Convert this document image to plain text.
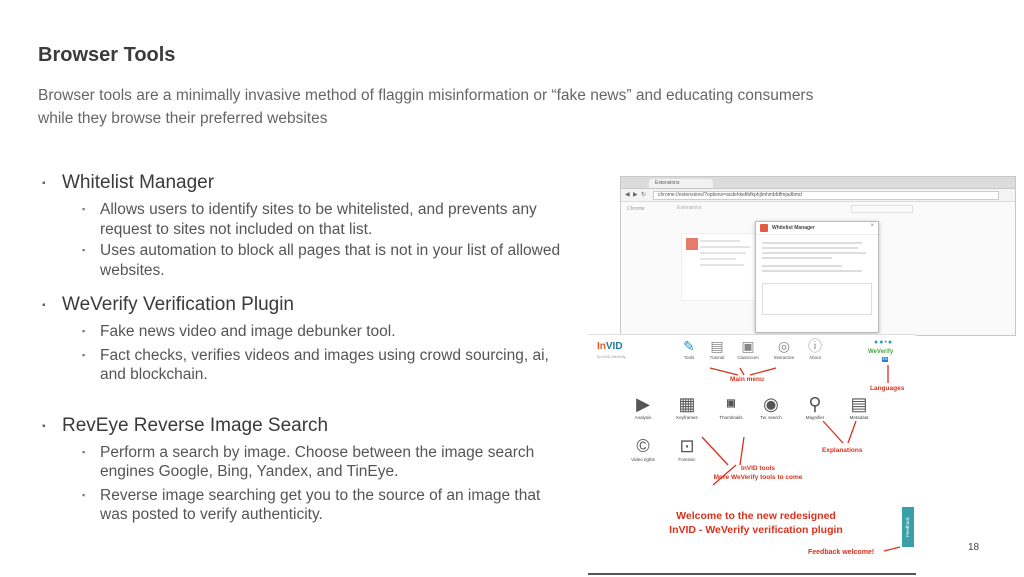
Browser Tools
Browser tools are a minimally invasive method of flaggin misinformation or “fake news” and educating consumers while they browse their preferred websites
▪ Whitelist Manager
▪ Allows users to identify sites to be whitelisted, and prevents any request to sites not included on that list.
▪ Uses automation to block all pages that is not in your list of allowed websites.
▪ WeVerify Verification Plugin
▪ Fake news video and image debunker tool.
▪ Fact checks, verifies videos and images using crowd sourcing, ai, and blockchain.
▪ RevEye Reverse Image Search
▪ Perform a search by image. Choose between the image search engines Google, Bing, Yandex, and TinEye.
▪ Reverse image searching get you to the source of an image that was posted to verify authenticity.
Extensions
◀ ▶ ↻	chrome://extensions/?options=acdehkefibfkphjlmhmbfdfmjadbmd
Chrome	Extensions
Whitelist Manager	×
InVID
by InVID-WeVerify
✎
Tools
▤
Tutorial
▣
Classroom
◎
Interactive
ⓘ
About
●●•●
WeVerify
EN
Main menu
Languages
▶
Analysis
▦
Keyframes
▣
Thumbnails
◉
Tw. search
⚲
Magnifier
▤
Metadata
Explanations
©
Video rights
⊡
Forensic
InVID tools
More WeVerify tools to come
Welcome to the new redesigned
InVID - WeVerify verification plugin	Feedback
Feedback welcome!	18
